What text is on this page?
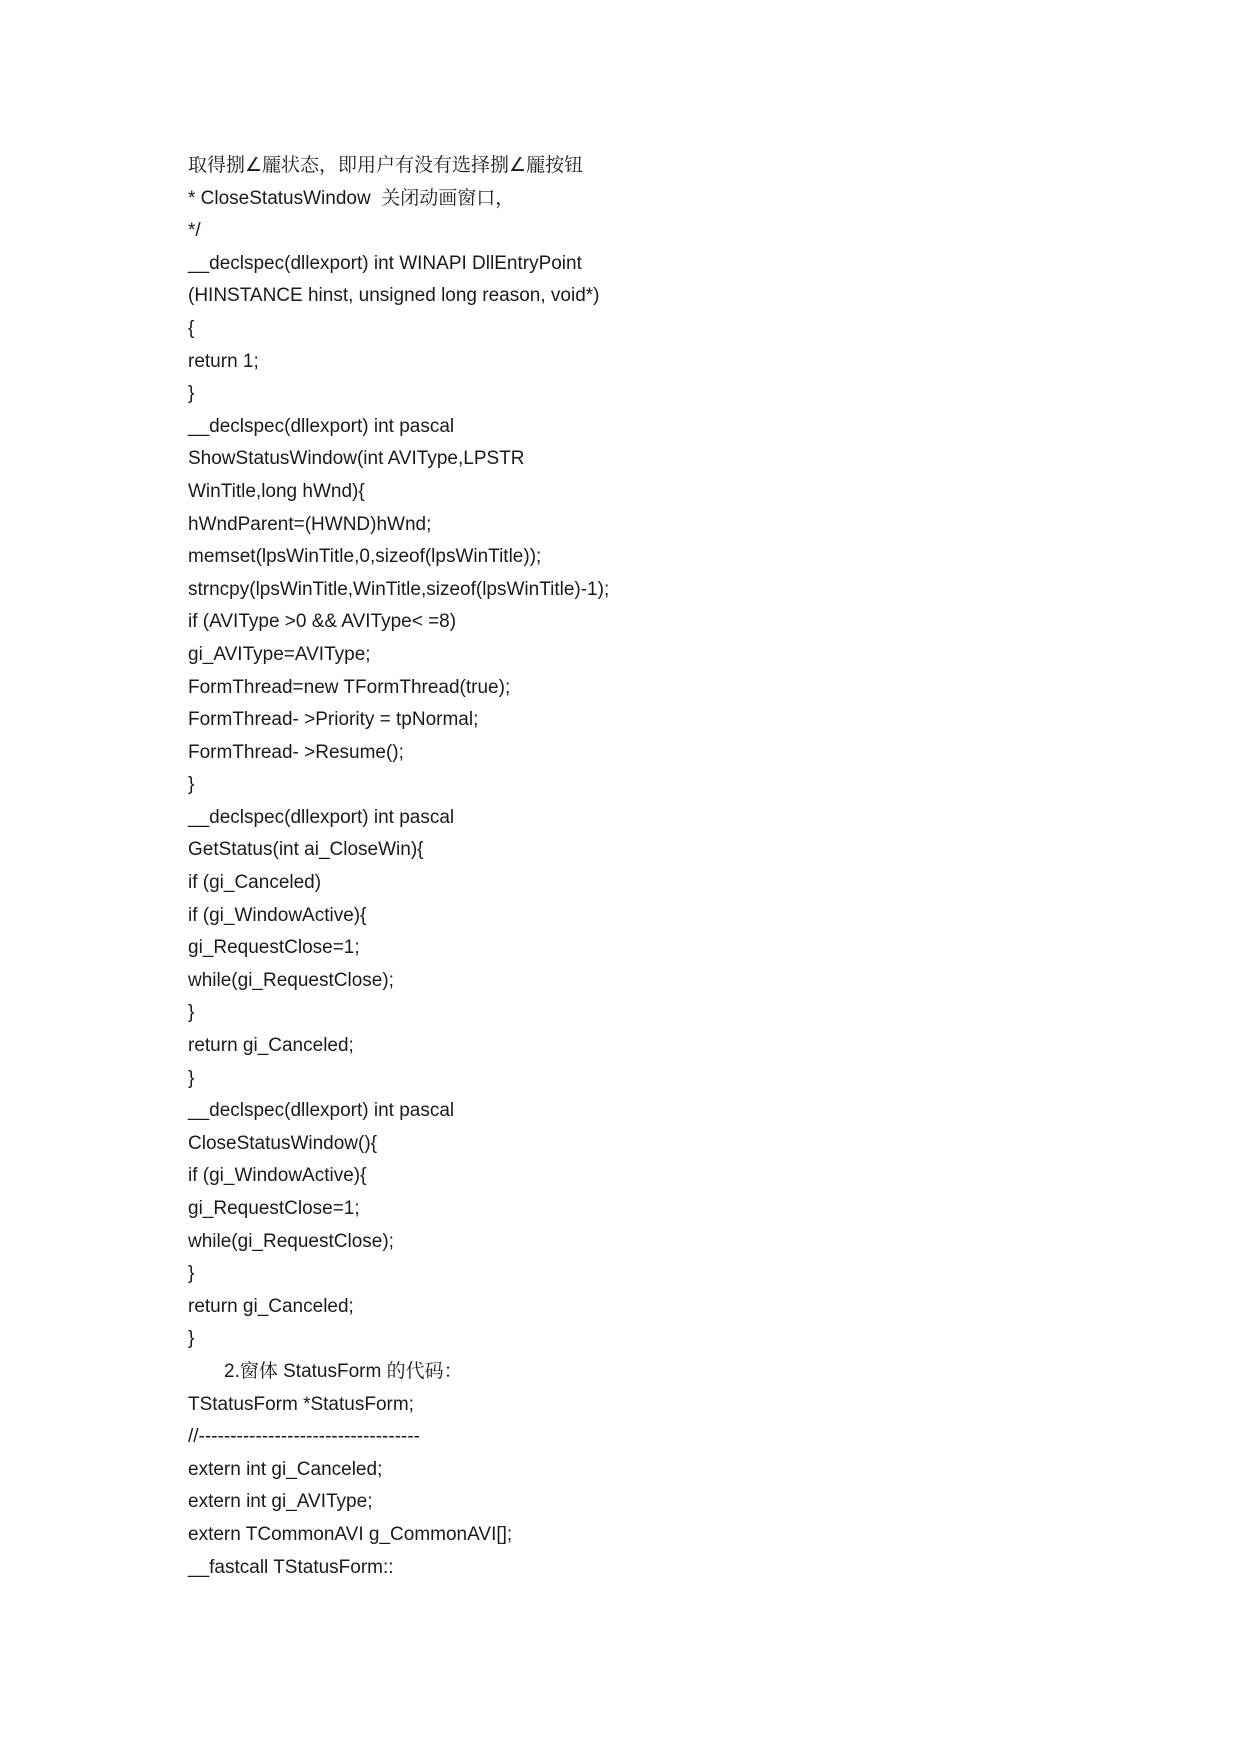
取得捌∠龎状态，即用户有没有选择捌∠龎按钮
* CloseStatusWindow  关闭动画窗口，
*/
__declspec(dllexport) int WINAPI DllEntryPoint
(HINSTANCE hinst, unsigned long reason, void*)
{
return 1;
}
__declspec(dllexport) int pascal
ShowStatusWindow(int AVIType,LPSTR
WinTitle,long hWnd){
hWndParent=(HWND)hWnd;
memset(lpsWinTitle,0,sizeof(lpsWinTitle));
strncpy(lpsWinTitle,WinTitle,sizeof(lpsWinTitle)-1);
if (AVIType >0 && AVIType< =8)
gi_AVIType=AVIType;
FormThread=new TFormThread(true);
FormThread- >Priority = tpNormal;
FormThread- >Resume();
}
__declspec(dllexport) int pascal
GetStatus(int ai_CloseWin){
if (gi_Canceled)
if (gi_WindowActive){
gi_RequestClose=1;
while(gi_RequestClose);
}
return gi_Canceled;
}
__declspec(dllexport) int pascal
CloseStatusWindow(){
if (gi_WindowActive){
gi_RequestClose=1;
while(gi_RequestClose);
}
return gi_Canceled;
}
2.窗体 StatusForm 的代码：
TStatusForm *StatusForm;
//-----------------------------------
extern int gi_Canceled;
extern int gi_AVIType;
extern TCommonAVI g_CommonAVI[];
__fastcall TStatusForm::
